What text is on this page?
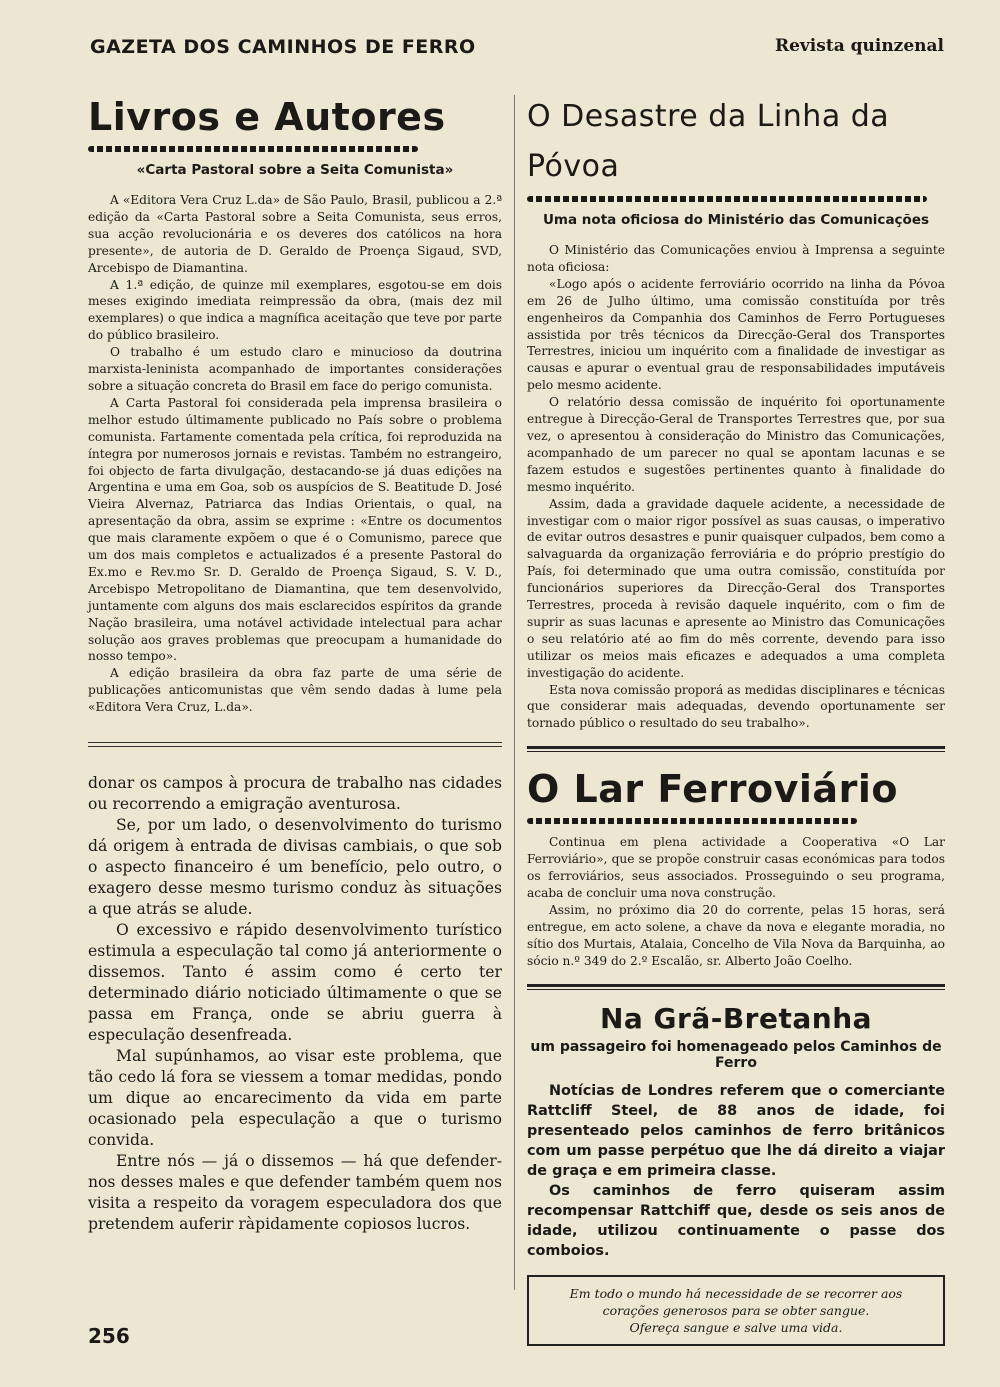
GAZETA DOS CAMINHOS DE FERRO	Revista quinzenal
Livros e Autores
«Carta Pastoral sobre a Seita Comunista»

A «Editora Vera Cruz L.da» de São Paulo, Brasil, publicou a 2.ª edição da «Carta Pastoral sobre a Seita Comunista, seus erros, sua acção revolucionária e os deveres dos católicos na hora presente», de autoria de D. Geraldo de Proença Sigaud, SVD, Arcebispo de Diamantina.

A 1.ª edição, de quinze mil exemplares, esgotou-se em dois meses exigindo imediata reimpressão da obra, (mais dez mil exemplares) o que indica a magnífica aceitação que teve por parte do público brasileiro.

O trabalho é um estudo claro e minucioso da doutrina marxista-leninista acompanhado de importantes considerações sobre a situação concreta do Brasil em face do perigo comunista.

A Carta Pastoral foi considerada pela imprensa brasileira o melhor estudo últimamente publicado no País sobre o problema comunista. Fartamente comentada pela crítica, foi reproduzida na íntegra por numerosos jornais e revistas. Também no estrangeiro, foi objecto de farta divulgação, destacando-se já duas edições na Argentina e uma em Goa, sob os auspícios de S. Beatitude D. José Vieira Alvernaz, Patriarca das Indias Orientais, o qual, na apresentação da obra, assim se exprime : «Entre os documentos que mais claramente expõem o que é o Comunismo, parece que um dos mais completos e actualizados é a presente Pastoral do Ex.mo e Rev.mo Sr. D. Geraldo de Proença Sigaud, S. V. D., Arcebispo Metropolitano de Diamantina, que tem desenvolvido, juntamente com alguns dos mais esclarecidos espíritos da grande Nação brasileira, uma notável actividade intelectual para achar solução aos graves problemas que preocupam a humanidade do nosso tempo».

A edição brasileira da obra faz parte de uma série de publicações anticomunistas que vêm sendo dadas à lume pela «Editora Vera Cruz, L.da».

donar os campos à procura de trabalho nas cidades ou recorrendo a emigração aventurosa.

Se, por um lado, o desenvolvimento do turismo dá origem à entrada de divisas cambiais, o que sob o aspecto financeiro é um benefício, pelo outro, o exagero desse mesmo turismo conduz às situações a que atrás se alude.

O excessivo e rápido desenvolvimento turístico estimula a especulação tal como já anteriormente o dissemos. Tanto é assim como é certo ter determinado diário noticiado últimamente o que se passa em França, onde se abriu guerra à especulação desenfreada.

Mal supúnhamos, ao visar este problema, que tão cedo lá fora se viessem a tomar medidas, pondo um dique ao encarecimento da vida em parte ocasionado pela especulação a que o turismo convida.

Entre nós — já o dissemos — há que defender-nos desses males e que defender também quem nos visita a respeito da voragem especuladora dos que pretendem auferir ràpidamente copiosos lucros.

O Desastre da Linha da Póvoa
Uma nota oficiosa do Ministério das Comunicações

O Ministério das Comunicações enviou à Imprensa a seguinte nota oficiosa:

«Logo após o acidente ferroviário ocorrido na linha da Póvoa em 26 de Julho último, uma comissão constituída por três engenheiros da Companhia dos Caminhos de Ferro Portugueses assistida por três técnicos da Direcção-Geral dos Transportes Terrestres, iniciou um inquérito com a finalidade de investigar as causas e apurar o eventual grau de responsabilidades imputáveis pelo mesmo acidente.

O relatório dessa comissão de inquérito foi oportunamente entregue à Direcção-Geral de Transportes Terrestres que, por sua vez, o apresentou à consideração do Ministro das Comunicações, acompanhado de um parecer no qual se apontam lacunas e se fazem estudos e sugestões pertinentes quanto à finalidade do mesmo inquérito.

Assim, dada a gravidade daquele acidente, a necessidade de investigar com o maior rigor possível as suas causas, o imperativo de evitar outros desastres e punir quaisquer culpados, bem como a salvaguarda da organização ferroviária e do próprio prestígio do País, foi determinado que uma outra comissão, constituída por funcionários superiores da Direcção-Geral dos Transportes Terrestres, proceda à revisão daquele inquérito, com o fim de suprir as suas lacunas e apresente ao Ministro das Comunicações o seu relatório até ao fim do mês corrente, devendo para isso utilizar os meios mais eficazes e adequados a uma completa investigação do acidente.

Esta nova comissão proporá as medidas disciplinares e técnicas que considerar mais adequadas, devendo oportunamente ser tornado público o resultado do seu trabalho».

O Lar Ferroviário

Continua em plena actividade a Cooperativa «O Lar Ferroviário», que se propõe construir casas económicas para todos os ferroviários, seus associados. Prosseguindo o seu programa, acaba de concluir uma nova construção.

Assim, no próximo dia 20 do corrente, pelas 15 horas, será entregue, em acto solene, a chave da nova e elegante moradia, no sítio dos Murtais, Atalaia, Concelho de Vila Nova da Barquinha, ao sócio n.º 349 do 2.º Escalão, sr. Alberto João Coelho.

Na Grã-Bretanha
um passageiro foi homenageado pelos Caminhos de Ferro

Notícias de Londres referem que o comerciante Rattcliff Steel, de 88 anos de idade, foi presenteado pelos caminhos de ferro britânicos com um passe perpétuo que lhe dá direito a viajar de graça e em primeira classe.

Os caminhos de ferro quiseram assim recompensar Rattchiff que, desde os seis anos de idade, utilizou continuamente o passe dos comboios.

Em todo o mundo há necessidade de se recorrer aos
corações generosos para se obter sangue.
Ofereça sangue e salve uma vida.
256
